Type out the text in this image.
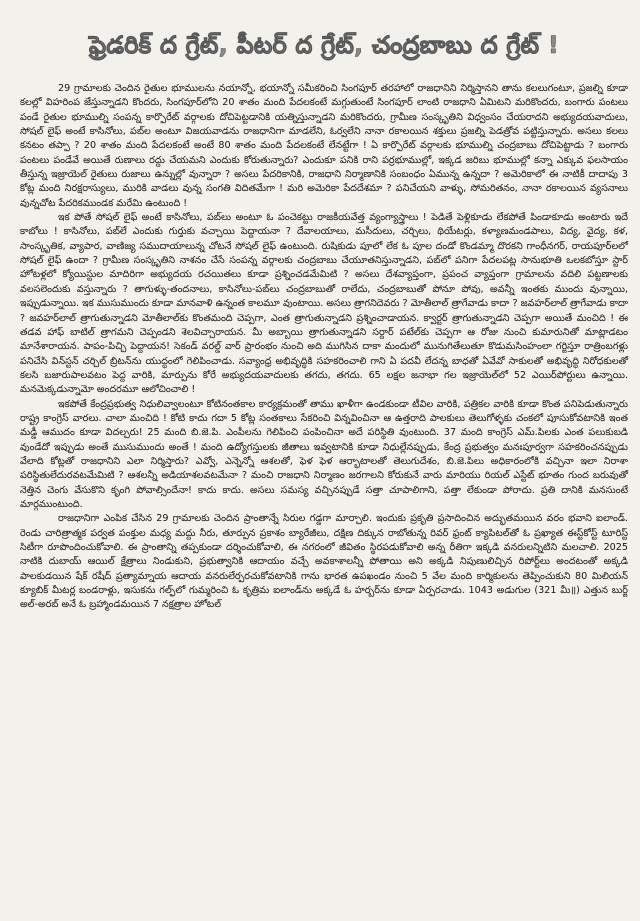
ఫ్రెడరిక్ ద గ్రేట్, పీటర్ ద గ్రేట్, చంద్రబాబు ద గ్రేట్ !

29 గ్రామాలకు చెందిన రైతుల భూములను నయాన్నో, భయాన్నో సమీకరించి సింగపూర్ తరహాలో రాజధానిని నిర్మిస్తానని తాను కలలుగంటూ, ప్రజల్ని కూడా కలల్లో విహరింప జేస్తున్నాడని కొందరు, సింగపూర్‌లోని 20 శాతం మంది పేదలకంటే మగ్గుతుంటే సింగపూర్ లాంటి రాజధాని ఏమిటని మరికొందరు, బంగారు పంటలు పండే రైతుల భూముల్ని సంపన్న కార్పొరేట్ వర్గాలకు దోచిపెట్టడానికి యత్నిస్తున్నాడని మరికొందరు, గ్రామీణ సంస్కృతిని విధ్వంసం చేయరాదని అభ్యుదయవాదులు, సోషల్ లైఫ్ అంటే కాసినోలు, పబ్‌ల అంటూ విజయవాడను రాజధానిగా మాడలేని, ఓర్వలేని నానా రకాలయిన శక్తులు ప్రజల్ని పెడత్రోవ పట్టిస్తున్నారు. అసలు కలలు కనటం తప్పా ? 20 శాతం మంది పేదలకంటే అంటే 80 శాతం మంది పేదలకంటే లేనట్టేగా ! ఏ కార్పొరేట్ వర్గాలకు భూముల్ని చంద్రబాబు దోచిపెట్టాడు ? బంగారు పంటలు పండేవే అయితే రుణాలు రద్దు చేయమని ఎందుకు కోరుతున్నారు? ఎందుకూ పనికి రాని పర్రభూముల్లో, ఇక్కడ జరిబు భూముల్లో కన్నా ఎక్కువ ఫలసాయం తీస్తున్న ఇజ్రాయెల్ రైతులు రుజాలు ఉన్నుల్లో వున్నారా ? అసలు పేదరికానికి, రాజధాని నిర్మాణానికి సంబంధం ఏమున్న ఉన్నదా ? అమెరికాలో ఈ నాటికీ దాదాపు 3 కోట్ల మంది నిరక్షరాస్యులు, మురికి వాడలు వున్న సంగతి విదితమేగా ! మరి అమెరికా పేదదేశమా ? పనిచేయని వాళ్ళు, సోమరితనం, నానా రకాలయిన వ్యసనాలు వున్నచోట పేదరికముండక మరేమి ఉంటుంది !

ఇక పోతే సోషల్ లైఫ్ అంటే కాసినోలు, పబ్‌లు అంటూ ఓ పంచెకట్టు రాజకీయవేత్త వ్యంగ్యాస్త్రాలు ! పెడితే పెళ్లికూడు లేకపోతే పిండాకూడు అంటారు ఇదే కాబోలు ! కాసినోలు, పబ్‌లే ఎందుకు గుర్తుకు వచ్చాయి పెద్దాయనా ? దేవాలయాలు, మసీదులు, చర్చిలు, థియేటర్లు, కళ్యాణమండపాలు, విద్య, వైద్య, కళ, సాంస్కృతిక, వ్యాపార, వాణిజ్య సముదాయాలున్న చోటనే సోషల్ లైఫ్ ఉంటుంది. రుషికుడు పూలో లేక ఓ పూల దండో కొండమ్మా దొరకని గాంధీనగర్, రాయపూర్‌లలో సోషల్ లైఫ్ ఉందా ? గ్రామీణ సంస్కృతిని నాశనం చేసే సంపన్న వర్గాలకు చంద్రబాబు చేయూతనిస్తున్నాడని, పబ్‌లో పనిగా పేదలపట్ల సానుభూతి ఒలకబోస్తూ స్టార్ హోటళ్లలో క్యోయిస్టుల మాదిరిగా అభ్యుదయ రచయితలు కూడా ప్రశ్నించడమేమిటి ? అసలు దేశవ్యాప్తంగా, ప్రపంచ వ్యాప్తంగా గ్రామాలను వదిలి పట్టణాలకు వలసలెందుకు వస్తున్నారు ? తాగుళ్ళు-తందనాలు, కాసినోలు-పబ్‌లు చంద్రబాబుతో రాలేదు, చంద్రబాబుతో పోనూ పోవు, అవన్నీ ఇంతకు ముందు వున్నాయి, ఇప్పుడున్నాయి. ఇక ముసుముందు కూడా మానవాళి ఉన్నంత కాలమూ వుంటాయి. అసలు త్రాగనిదెవరు ? మోతీలాల్ త్రాగేవాడు కాదా ? జవహర్‌లాల్ త్రాగేవాడు కాదా ? జవహర్‌లాల్ త్రాగుతున్నాడని మోతీలాల్‌కు కొంతమంది చెప్పగా, ఎంత త్రాగుతున్నాడని ప్రశ్నించాడాయన. క్వార్టర్ త్రాగుతున్నాడని చెప్పగా అయితే మంచిది ! ఈ తడవ హాఫ్ బాటిల్ త్రాగమని చెప్పండని శెలవిచ్చారాయన. మీ అబ్బాయి త్రాగుతున్నాడని సర్దార్ పటేల్‌కు చెప్పగా ఆ రోజు నుంచి కుమారునితో మాట్లాడటం మానేశారాయన. పాపం-పిచ్చి పెద్దాయన! సెకండ్ వరల్డ్ వార్ ప్రారంభం నుంచి అది ముగిసిన దాకా మందులో మునుగితేలుతూ కొడుమసింహంలా గర్జిస్తూ రాత్రింబగళ్లు పనిచేసి విన్‌స్టన్ చర్చిల్ బ్రిటన్‌ను యుద్ధంలో గెలిపించాడు. సవ్యాంధ్ర అభివృద్ధికి సహకరించాలి గాని ఏ పదవీ లేదన్న బాధతో ఏవేవో సాకులతో అభివృద్ధి నిరోధకులతో కలసి బజారుపాలవటం పెద్ద వారికి, మార్పును కోరే అభ్యుదయవాదులకు తగదు, తగదు. 65 లక్షల జనాభా గల ఇజ్రాయెల్‌లో 52 ఎయిర్‌పోర్టులు ఉన్నాయి. మనమెక్కడున్నామో అందరమూ ఆలోచించాలి !

ఇకపోతే కేంద్రప్రభుత్వ నిధులివ్వాలంటూ కోటినంతకాల కార్యక్రమంతో తాము ఖాళీగా ఉండకుండా టీవిల వారికి, పత్రికల వారికి కూడా కొంత పనిపెడుతున్నారు రాష్ట్ర కాంగ్రెస్ వారలు. చాలా మంచిది ! కోటి కాదు గదా 5 కోట్ల సంతకాలు సేకరించి విన్నవించినా ఆ ఉత్తరాది పాలకులు తెలుగోళ్ళకు చంకలో పూసుకోవటానికి ఇంత మడ్డీ ఆముదం కూడా విదల్చరు! 25 మంది బి.జె.పి. ఎంపీలను గెలిపించి పంపించినా అదే పరిస్థితి వుంటుంది. 37 మంది కాంగ్రెస్ ఎమ్.పిలకు ఎంత పలుకుబడి వుండేదో ఇప్పుడు అంతే ముసుముందు అంతే ! మంది ఉద్యోగస్తులకు జీతాలు ఇవ్వటానికి కూడా నిధుల్లేనప్పుడు, కేంద్ర ప్రభుత్వం మనఃపూర్వగా సహకరించనప్పుడు వేలాది కోట్లతో రాజధానిని ఎలా నిర్మిస్తారు? ఎవ్వో, ఎన్నెన్నో ఆశలతో, ఫెళ ఫెళ ఆర్భాటాలతో తెలుగుదేశం, బి.జె.పిలు అధికారంలోకి వచ్చినా ఇలా నిరాశా పరిస్థితులేదురవటమేమిటి ? ఆశలన్నీ అడియాశలవటమేనా ? మంచి రాజధాని నిర్మాణం జరగాలని కోరుకునే వారు మారియు రియల్ ఎస్టేట్ భూతం గుంద బరువుతో నెత్తిన చెంగు వేసుకొని కృంగి పోవాల్సిందేనా! కాదు కాదు. అసలు సమస్య వచ్చినప్పుడే సత్తా చూపాలిగాని, పత్తా లేకుండా పోరాదు. ప్రతి దానికి మనసుంటే మార్గముంటుంది.

రాజధానిగా ఎంపిక చేసిన 29 గ్రామాలకు చెందిన ప్రాంతాన్నే సిరుల గడ్డగా మార్చాలి. ఇందుకు ప్రకృతి ప్రసాదించిన అద్భుతమయిన వరం భవాని ఐలాండ్. రెండు చారిత్రాత్మక పర్వత పంక్తుల మధ్య మద్దు నీరు, తూర్పున ప్రకాశం బ్యారేజీలు, దక్షిణ దిక్కున రాబోతున్న రివర్ ఫ్రంట్ క్యాపిటల్‌తో ఓ ప్రఖ్యాత ఈస్ట్‌కోస్ట్ టూరిస్ట్ సిటీగా రూపొందించుకోవాలి. ఈ ప్రాంతాన్ని తప్పకుండా దర్శించుకోవాలి, ఈ నగరంలో జీవితం స్థిరపడుకోవాలి అన్న రీతిగా ఇక్కడి వనరులన్నిటిని మలచాలి. 2025 నాటికి దుబాయ్ ఆయిల్ క్షేత్రాలు నిండుకుని, ప్రభుత్వానికి ఆదాయం వచ్చే అవకాశాలన్నీ పోతాయి అని అక్కడి నిపుణులిచ్చిన రిపోర్ట్‌లు అందటంతో అక్కడి పాలకుడయిన షేక్ రషీద్ ప్రత్యామ్నాయ ఆదాయ వనరులేర్పరచుకోవటానికి గాను భారత ఉపఖండం నుంచి 5 వేల మంది కార్మికులను తెప్పించుకుని 80 మిలియన్ క్యూబిక్ మీటర్ల బండరాళ్లు, ఇసుకను గల్ఫ్‌లో గుమ్మరించి ఓ కృత్రిమ ఐలాండ్‌ను అక్కడే ఓ హర్బర్‌ను కూడా ఏర్పరచాడు. 1043 అడుగుల (321 మీ॥) ఎత్తున బుర్జ్ అల్-అరబ్ అనే ఓ బ్రహ్మాండమయిన 7 నక్షత్రాల హోటల్
